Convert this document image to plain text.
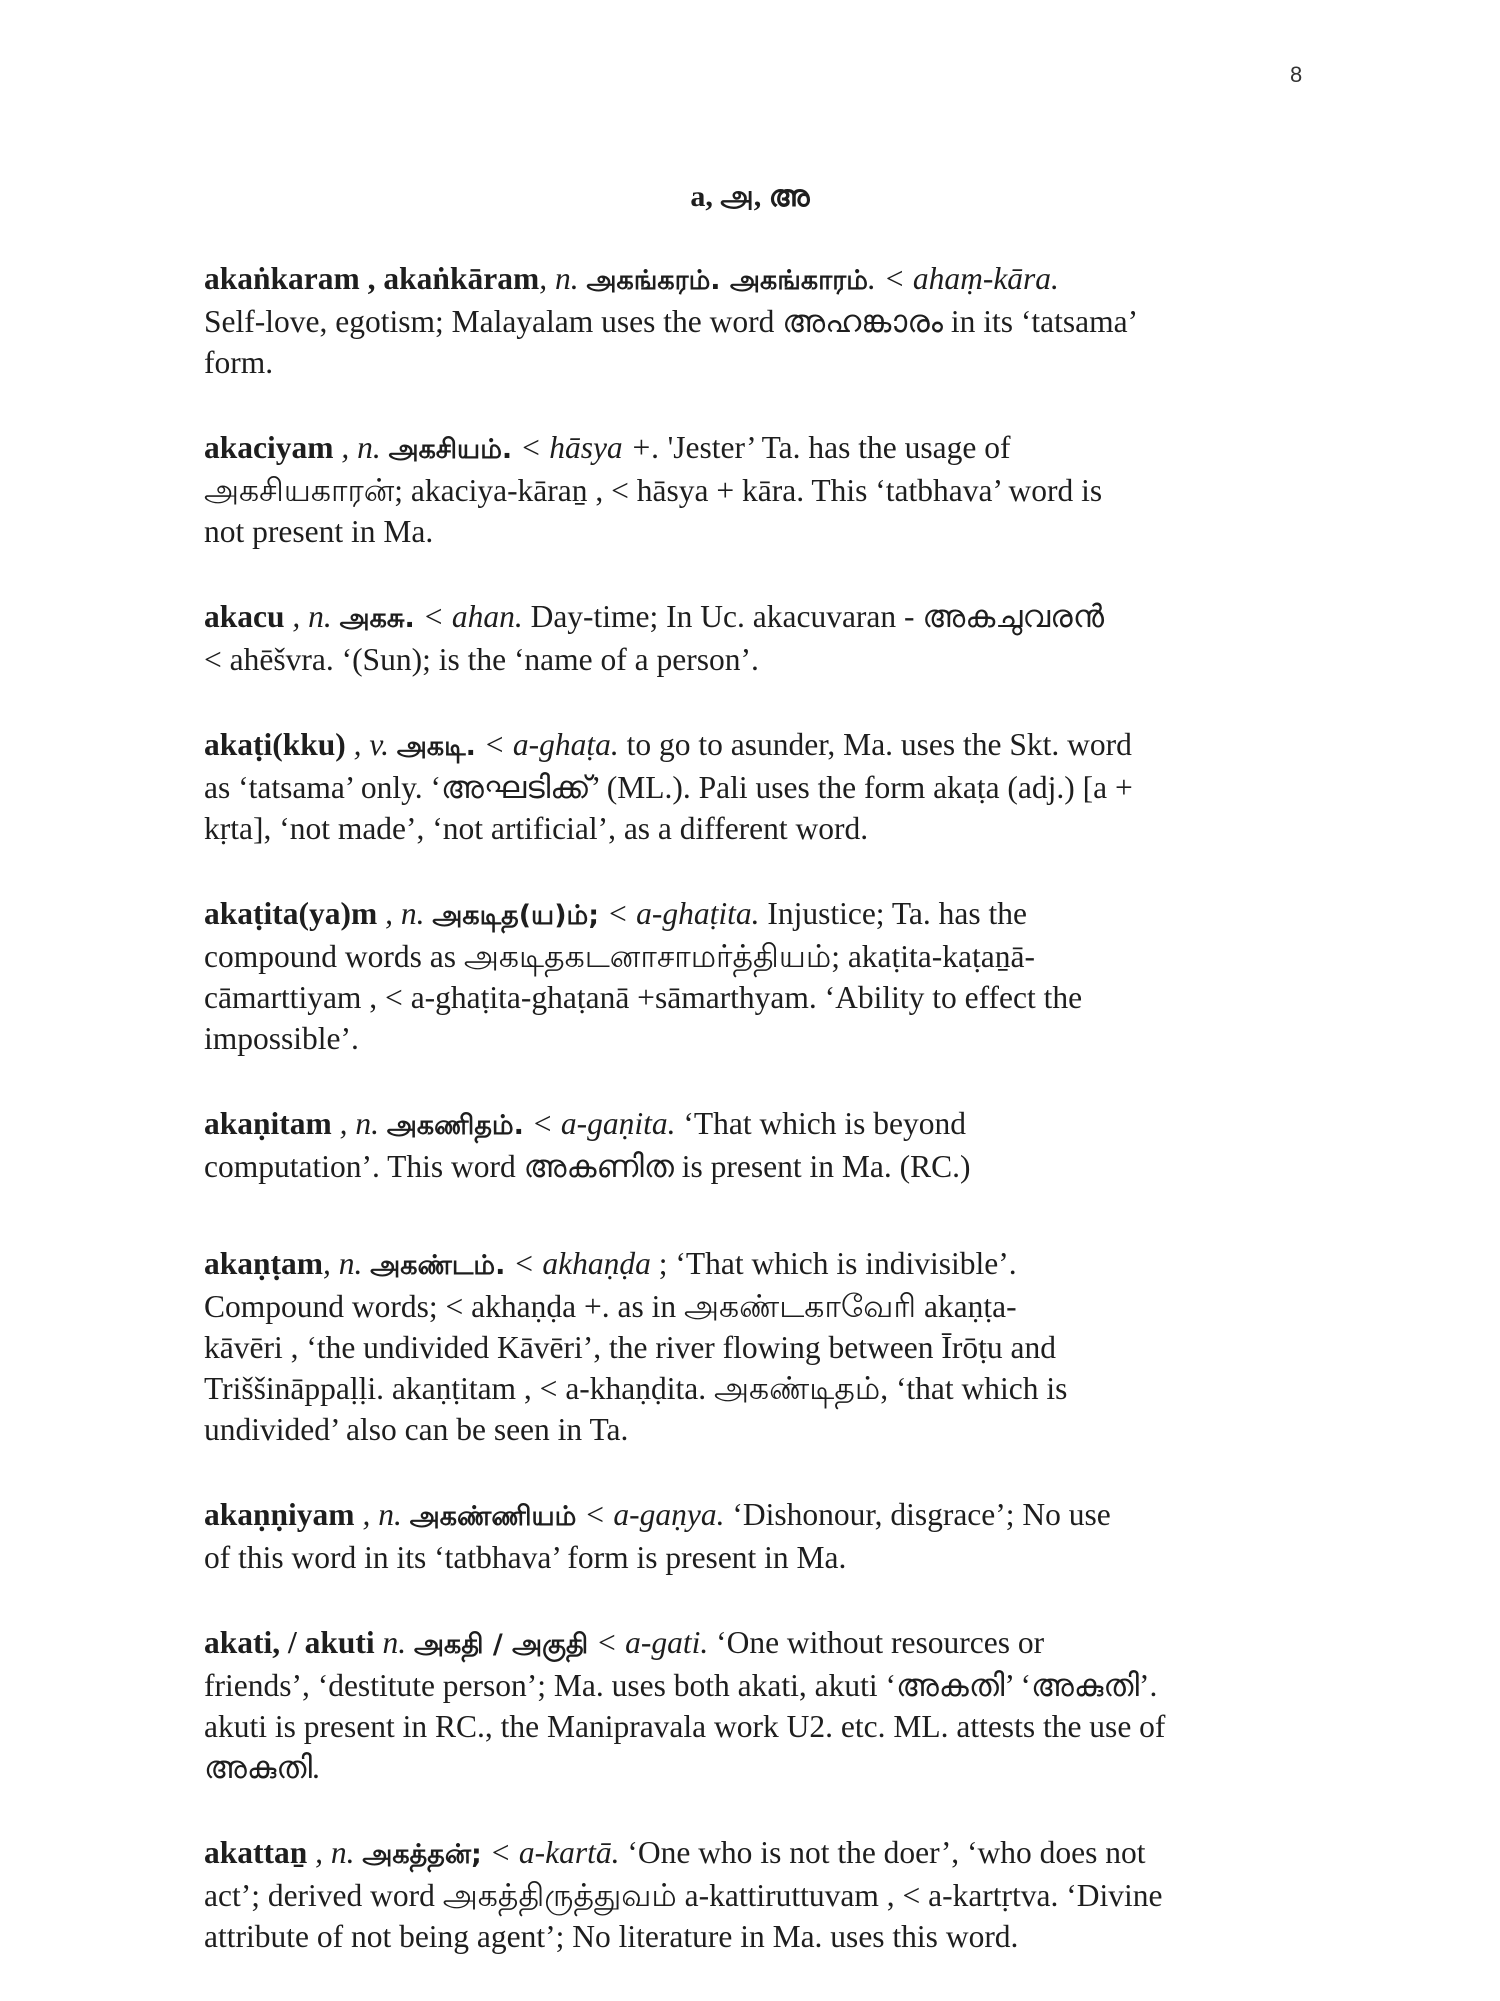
8
a, அ, അ

akaṅkaram , akaṅkāram, n. அகங்கரம். அகங்காரம். < ahaṃ-kāra.
Self-love, egotism; Malayalam uses the word അഹങ്കാരം in its ‘tatsama’
form.

akaciyam , n. அகசியம். < hāsya +. 'Jester’ Ta. has the usage of
அகசியகாரன்; akaciya-kāraṉ , < hāsya + kāra. This ‘tatbhava’ word is
not present in Ma.

akacu , n. அகசு. < ahan. Day-time; In Uc. akacuvaran - അകചുവരൻ
< ahēšvra. ‘(Sun); is the ‘name of a person’.

akaṭi(kku) , v. அகடி. < a-ghaṭa. to go to asunder, Ma. uses the Skt. word
as ‘tatsama’ only. ‘അഘടിക്ക്’ (ML.). Pali uses the form akaṭa (adj.) [a +
kṛta], ‘not made’, ‘not artificial’, as a different word.

akaṭita(ya)m , n. அகடித(ய)ம்; < a-ghaṭita. Injustice; Ta. has the
compound words as அகடிதகடனாசாமர்த்தியம்; akaṭita-kaṭaṉā-
cāmarttiyam , < a-ghaṭita-ghaṭanā +sāmarthyam. ‘Ability to effect the
impossible’.

akaṇitam , n. அகணிதம். < a-gaṇita. ‘That which is beyond
computation’. This word അകണിത is present in Ma. (RC.)

akaṇṭam, n. அகண்டம். < akhaṇḍa ; ‘That which is indivisible’.
Compound words; < akhaṇḍa +. as in அகண்டகாவேரி akaṇṭa-
kāvēri , ‘the undivided Kāvēri’, the river flowing between Īrōṭu and
Triššināppaḷḷi. akaṇṭitam , < a-khaṇḍita. அகண்டிதம், ‘that which is
undivided’ also can be seen in Ta.

akaṇṇiyam , n. அகண்ணியம் < a-gaṇya. ‘Dishonour, disgrace’; No use
of this word in its ‘tatbhava’ form is present in Ma.

akati, / akuti n. அகதி / அகுதி < a-gati. ‘One without resources or
friends’, ‘destitute person’; Ma. uses both akati, akuti ‘അകതി’ ‘അകുതി’.
akuti is present in RC., the Manipravala work U2. etc. ML. attests the use of
അകുതി.

akattaṉ , n. அகத்தன்; < a-kartā. ‘One who is not the doer’, ‘who does not
act’; derived word அகத்திருத்துவம் a-kattiruttuvam , < a-kartṛtva. ‘Divine
attribute of not being agent’; No literature in Ma. uses this word.
